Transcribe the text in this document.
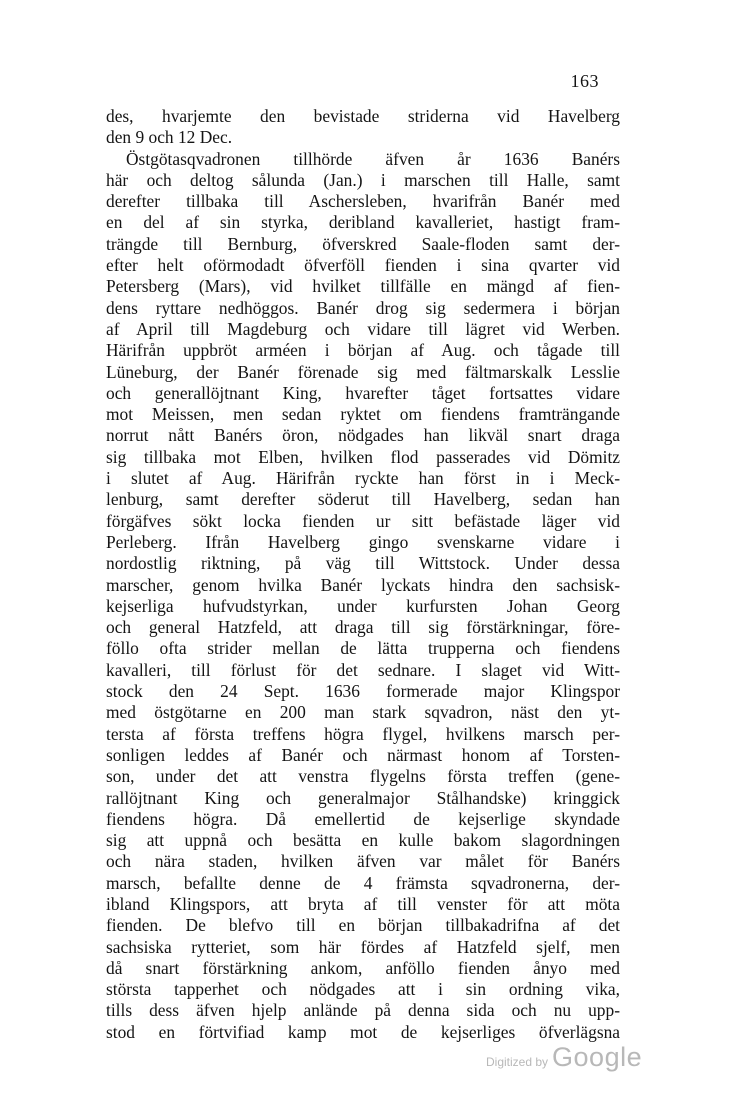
163
des, hvarjemte den bevistade striderna vid Havelberg
den 9 och 12 Dec.
Östgötasqvadronen tillhörde äfven år 1636 Banérs
här och deltog sålunda (Jan.) i marschen till Halle, samt
derefter tillbaka till Aschersleben, hvarifrån Banér med
en del af sin styrka, deribland kavalleriet, hastigt fram-
trängde till Bernburg, öfverskred Saale-floden samt der-
efter helt oförmodadt öfverföll fienden i sina qvarter vid
Petersberg (Mars), vid hvilket tillfälle en mängd af fien-
dens ryttare nedhöggos. Banér drog sig sedermera i början
af April till Magdeburg och vidare till lägret vid Werben.
Härifrån uppbröt arméen i början af Aug. och tågade till
Lüneburg, der Banér förenade sig med fältmarskalk Lesslie
och generallöjtnant King, hvarefter tåget fortsattes vidare
mot Meissen, men sedan ryktet om fiendens framträngande
norrut nått Banérs öron, nödgades han likväl snart draga
sig tillbaka mot Elben, hvilken flod passerades vid Dömitz
i slutet af Aug. Härifrån ryckte han först in i Meck-
lenburg, samt derefter söderut till Havelberg, sedan han
förgäfves sökt locka fienden ur sitt befästade läger vid
Perleberg. Ifrån Havelberg gingo svenskarne vidare i
nordostlig riktning, på väg till Wittstock. Under dessa
marscher, genom hvilka Banér lyckats hindra den sachsisk-
kejserliga hufvudstyrkan, under kurfursten Johan Georg
och general Hatzfeld, att draga till sig förstärkningar, före-
föllo ofta strider mellan de lätta trupperna och fiendens
kavalleri, till förlust för det sednare. I slaget vid Witt-
stock den 24 Sept. 1636 formerade major Klingspor
med östgötarne en 200 man stark sqvadron, näst den yt-
tersta af första treffens högra flygel, hvilkens marsch per-
sonligen leddes af Banér och närmast honom af Torsten-
son, under det att venstra flygelns första treffen (gene-
rallöjtnant King och generalmajor Stålhandske) kringgick
fiendens högra. Då emellertid de kejserlige skyndade
sig att uppnå och besätta en kulle bakom slagordningen
och nära staden, hvilken äfven var målet för Banérs
marsch, befallte denne de 4 främsta sqvadronerna, der-
ibland Klingspors, att bryta af till venster för att möta
fienden. De blefvo till en början tillbakadrifna af det
sachsiska rytteriet, som här fördes af Hatzfeld sjelf, men
då snart förstärkning ankom, anföllo fienden ånyo med
största tapperhet och nödgades att i sin ordning vika,
tills dess äfven hjelp anlände på denna sida och nu upp-
stod en förtvifiad kamp mot de kejserliges öfverlägsna
Digitized by Google
